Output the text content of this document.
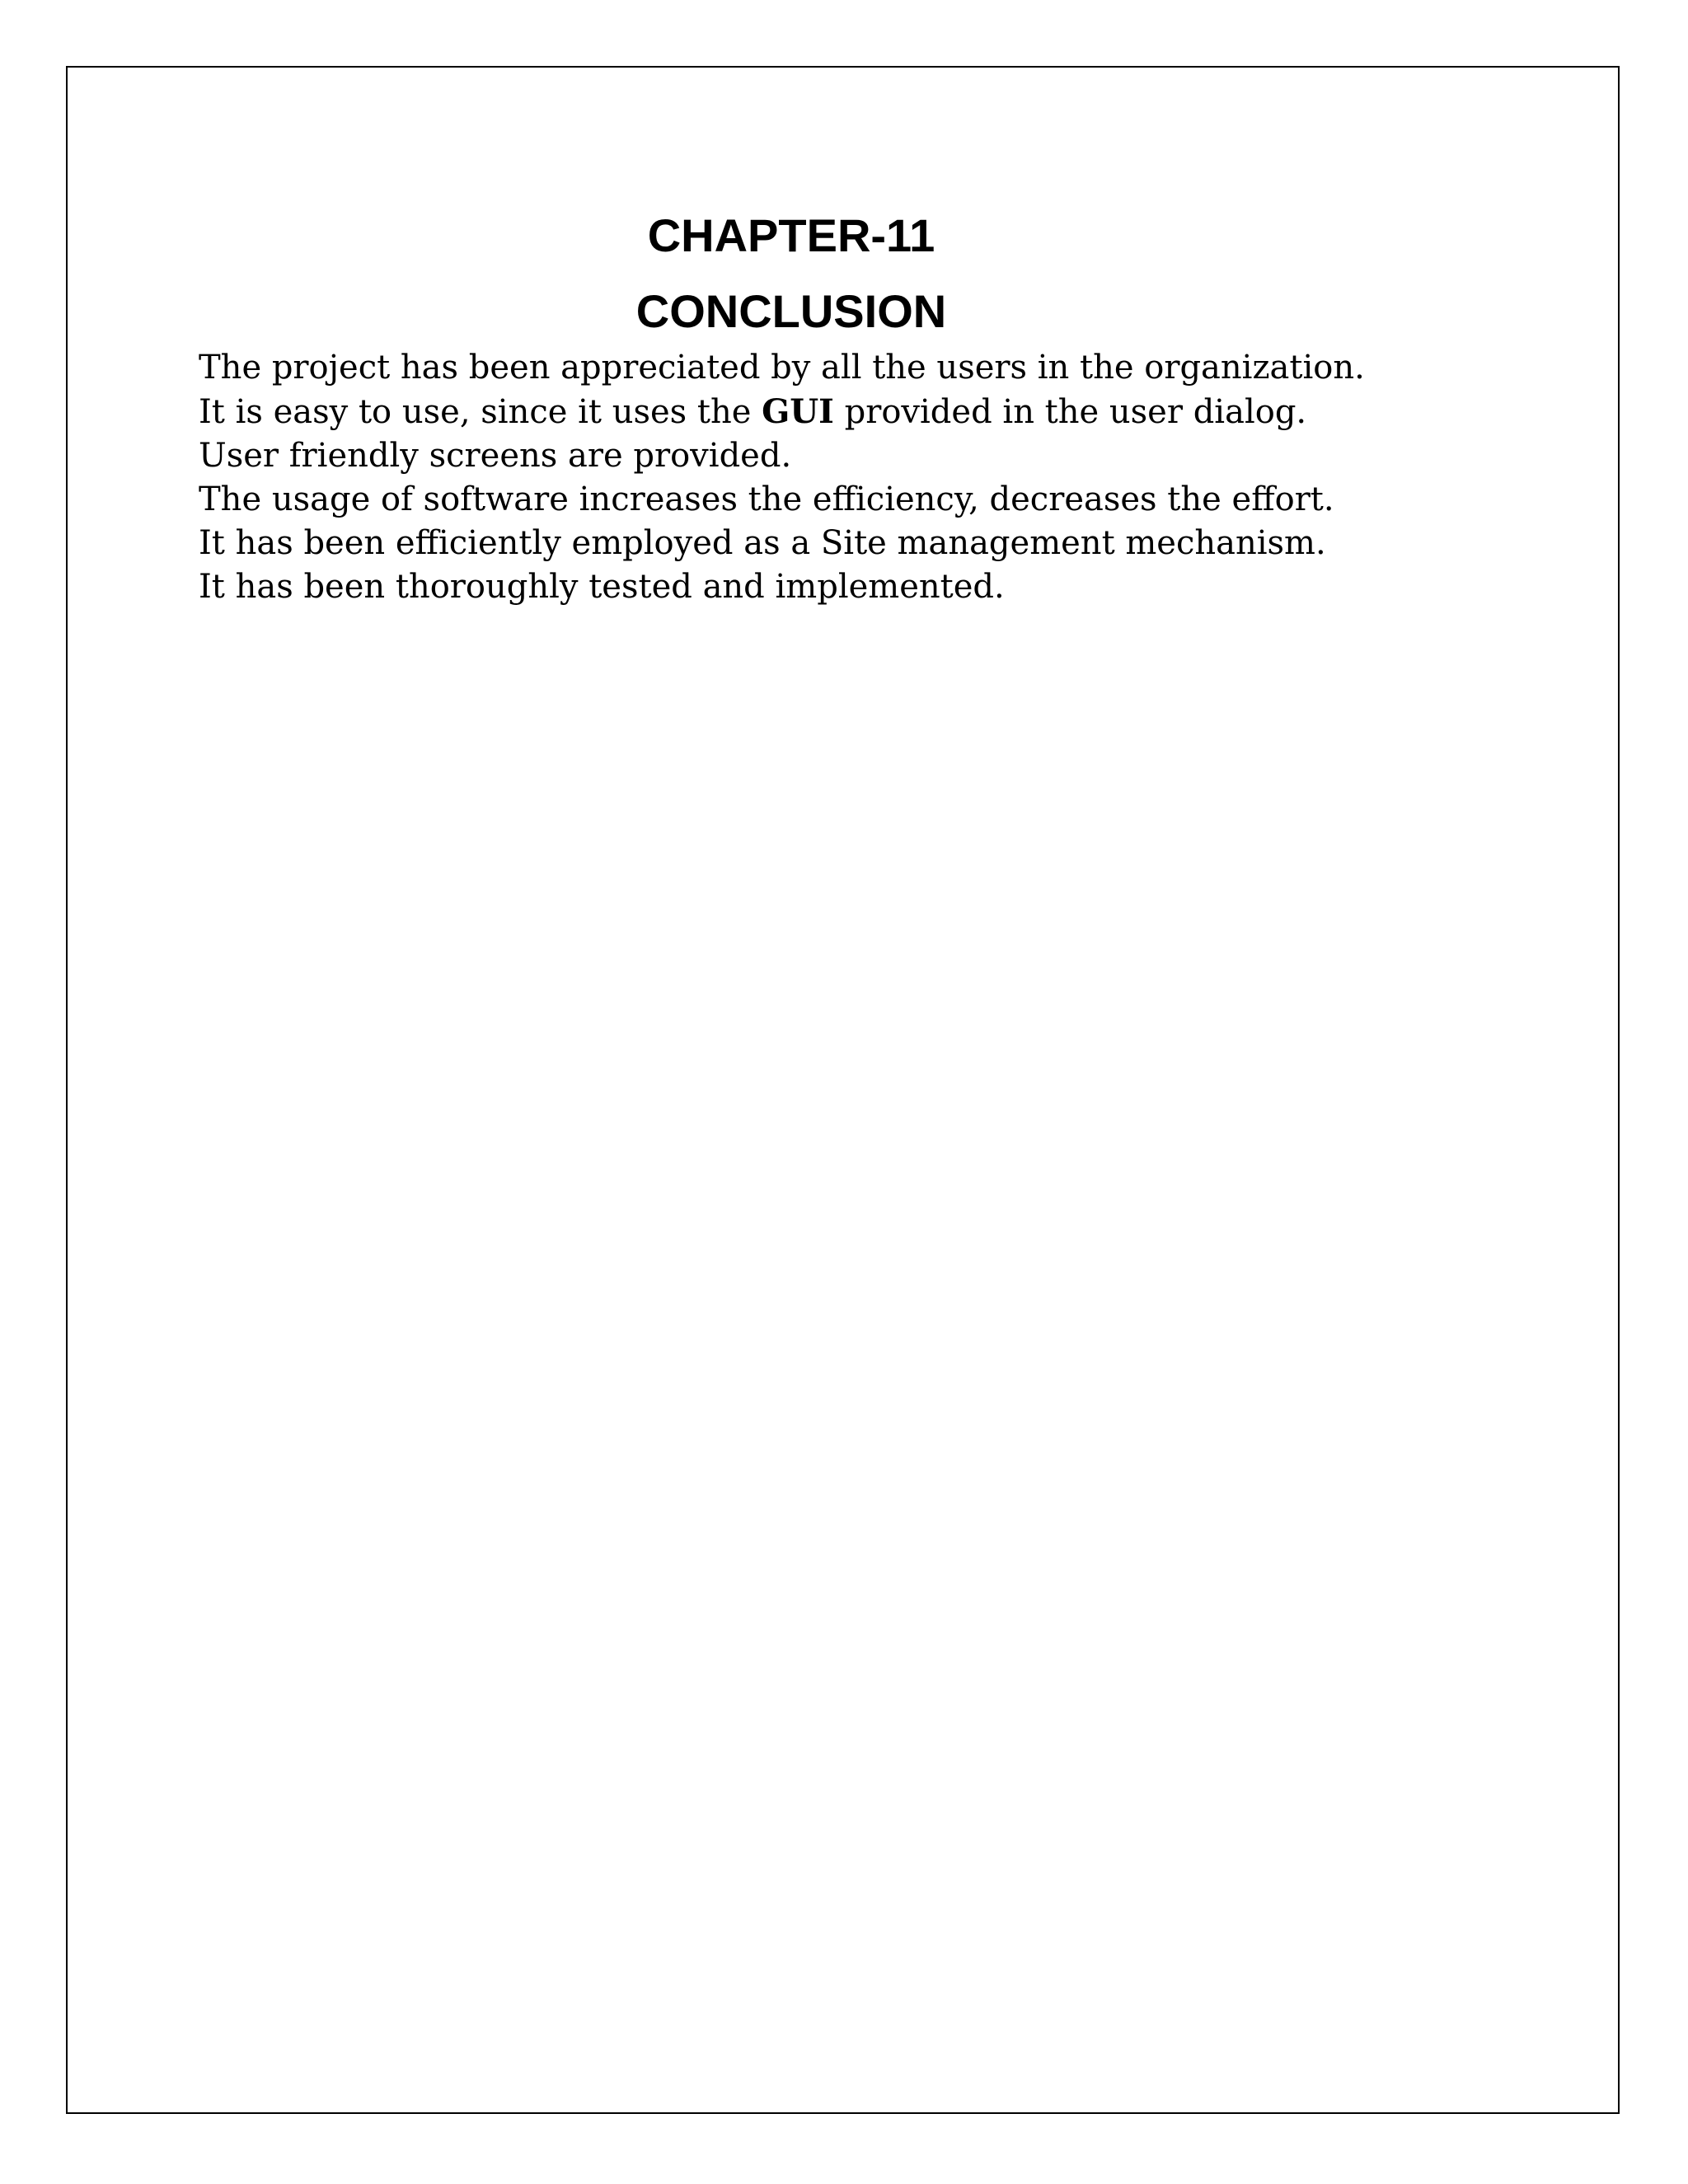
CHAPTER-11
CONCLUSION
The project has been appreciated by all the users in the organization.
It is easy to use, since it uses the GUI provided in the user dialog.
User friendly screens are provided.
The usage of software increases the efficiency, decreases the effort.
It has been efficiently employed as a Site management mechanism.
It has been thoroughly tested and implemented.
